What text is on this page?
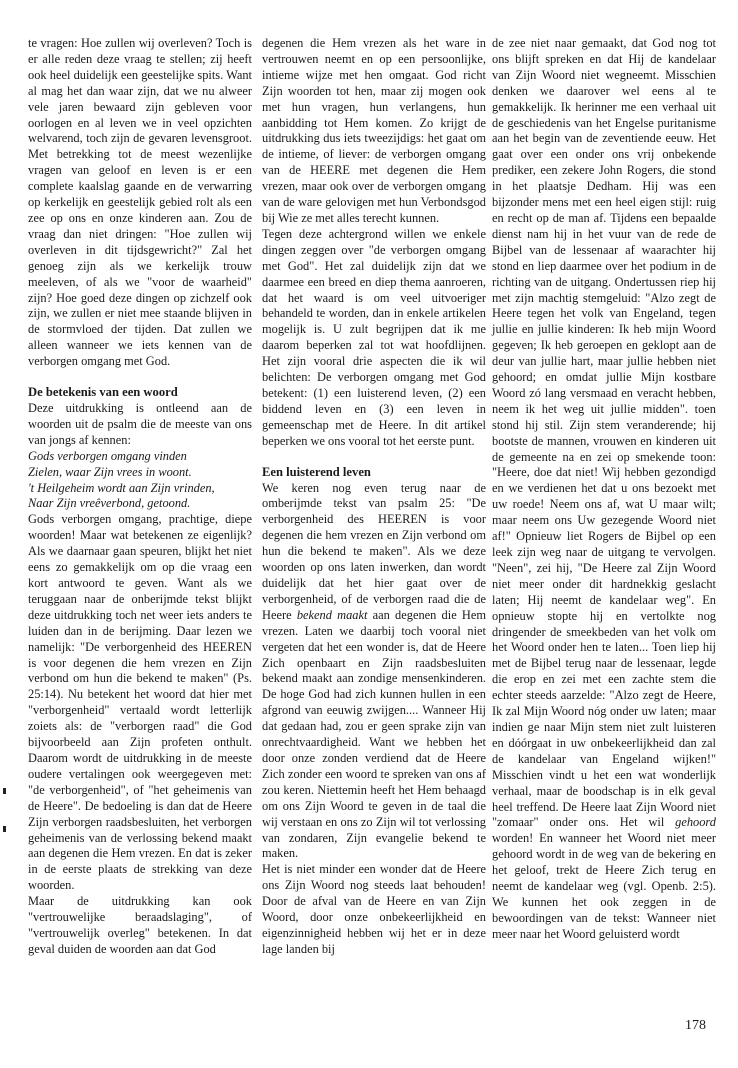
te vragen: Hoe zullen wij overleven? Toch is er alle reden deze vraag te stellen; zij heeft ook heel duidelijk een geestelijke spits. Want al mag het dan waar zijn, dat we nu alweer vele jaren bewaard zijn gebleven voor oorlogen en al leven we in veel opzichten welvarend, toch zijn de gevaren levensgroot. Met betrekking tot de meest wezenlijke vragen van geloof en leven is er een complete kaalslag gaande en de verwarring op kerkelijk en geestelijk gebied rolt als een zee op ons en onze kinderen aan. Zou de vraag dan niet dringen: "Hoe zullen wij overleven in dit tijdsgewricht?" Zal het genoeg zijn als we kerkelijk trouw meeleven, of als we "voor de waarheid" zijn? Hoe goed deze dingen op zichzelf ook zijn, we zullen er niet mee staande blijven in de stormvloed der tijden. Dat zullen we alleen wanneer we iets kennen van de verborgen omgang met God.

De betekenis van een woord

Deze uitdrukking is ontleend aan de woorden uit de psalm die de meeste van ons van jongs af kennen:

Gods verborgen omgang vinden
Zielen, waar Zijn vrees in woont.
't Heilgeheim wordt aan Zijn vrinden,
Naar Zijn vreêverbond, getoond.

Gods verborgen omgang, prachtige, diepe woorden! Maar wat betekenen ze eigenlijk? Als we daarnaar gaan speuren, blijkt het niet eens zo gemakkelijk om op die vraag een kort antwoord te geven. Want als we teruggaan naar de onberijmde tekst blijkt deze uitdrukking toch net weer iets anders te luiden dan in de berijming. Daar lezen we namelijk: "De verborgenheid des HEEREN is voor degenen die hem vrezen en Zijn verbond om hun die bekend te maken" (Ps. 25:14). Nu betekent het woord dat hier met "verborgenheid" vertaald wordt letterlijk zoiets als: de "verborgen raad" die God bijvoorbeeld aan Zijn profeten onthult. Daarom wordt de uitdrukking in de meeste oudere vertalingen ook weergegeven met: "de verborgenheid", of "het geheimenis van de Heere". De bedoeling is dan dat de Heere Zijn verborgen raadsbesluiten, het verborgen geheimenis van de verlossing bekend maakt aan degenen die Hem vrezen. En dat is zeker in de eerste plaats de strekking van deze woorden.

Maar de uitdrukking kan ook "vertrouwelijke beraadslaging", of "vertrouwelijk overleg" betekenen. In dat geval duiden de woorden aan dat God

degenen die Hem vrezen als het ware in vertrouwen neemt en op een persoonlijke, intieme wijze met hen omgaat. God richt Zijn woorden tot hen, maar zij mogen ook met hun vragen, hun verlangens, hun aanbidding tot Hem komen. Zo krijgt de uitdrukking dus iets tweezijdigs: het gaat om de intieme, of liever: de verborgen omgang van de HEERE met degenen die Hem vrezen, maar ook over de verborgen omgang van de ware gelovigen met hun Verbondsgod bij Wie ze met alles terecht kunnen.

Tegen deze achtergrond willen we enkele dingen zeggen over "de verborgen omgang met God". Het zal duidelijk zijn dat we daarmee een breed en diep thema aanroeren, dat het waard is om veel uitvoeriger behandeld te worden, dan in enkele artikelen mogelijk is. U zult begrijpen dat ik me daarom beperken zal tot wat hoofdlijnen. Het zijn vooral drie aspecten die ik wil belichten: De verborgen omgang met God betekent: (1) een luisterend leven, (2) een biddend leven en (3) een leven in gemeenschap met de Heere. In dit artikel beperken we ons vooral tot het eerste punt.

Een luisterend leven

We keren nog even terug naar de omberijmde tekst van psalm 25: "De verborgenheid des HEEREN is voor degenen die hem vrezen en Zijn verbond om hun die bekend te maken". Als we deze woorden op ons laten inwerken, dan wordt duidelijk dat het hier gaat over de verborgenheid, of de verborgen raad die de Heere bekend maakt aan degenen die Hem vrezen. Laten we daarbij toch vooral niet vergeten dat het een wonder is, dat de Heere Zich openbaart en Zijn raadsbesluiten bekend maakt aan zondige mensenkinderen. De hoge God had zich kunnen hullen in een afgrond van eeuwig zwijgen.... Wanneer Hij dat gedaan had, zou er geen sprake zijn van onrechtvaardigheid. Want we hebben het door onze zonden verdiend dat de Heere Zich zonder een woord te spreken van ons af zou keren. Niettemin heeft het Hem behaagd om ons Zijn Woord te geven in de taal die wij verstaan en ons zo Zijn wil tot verlossing van zondaren, Zijn evangelie bekend te maken.

Het is niet minder een wonder dat de Heere ons Zijn Woord nog steeds laat behouden! Door de afval van de Heere en van Zijn Woord, door onze onbekeerlijkheid en eigenzinnigheid hebben wij het er in deze lage landen bij

de zee niet naar gemaakt, dat God nog tot ons blijft spreken en dat Hij de kandelaar van Zijn Woord niet wegneemt. Misschien denken we daarover wel eens al te gemakkelijk. Ik herinner me een verhaal uit de geschiedenis van het Engelse puritanisme aan het begin van de zeventiende eeuw. Het gaat over een onder ons vrij onbekende prediker, een zekere John Rogers, die stond in het plaatsje Dedham. Hij was een bijzonder mens met een heel eigen stijl: ruig en recht op de man af. Tijdens een bepaalde dienst nam hij in het vuur van de rede de Bijbel van de lessenaar af waarachter hij stond en liep daarmee over het podium in de richting van de uitgang. Ondertussen riep hij met zijn machtig stemgeluid: "Alzo zegt de Heere tegen het volk van Engeland, tegen jullie en jullie kinderen: Ik heb mijn Woord gegeven; Ik heb geroepen en geklopt aan de deur van jullie hart, maar jullie hebben niet gehoord; en omdat jullie Mijn kostbare Woord zó lang versmaad en veracht hebben, neem ik het weg uit jullie midden". toen stond hij stil. Zijn stem veranderende; hij bootste de mannen, vrouwen en kinderen uit de gemeente na en zei op smekende toon: "Heere, doe dat niet! Wij hebben gezondigd en we verdienen het dat u ons bezoekt met uw roede! Neem ons af, wat U maar wilt; maar neem ons Uw gezegende Woord niet af!" Opnieuw liet Rogers de Bijbel op een leek zijn weg naar de uitgang te vervolgen. "Neen", zei hij, "De Heere zal Zijn Woord niet meer onder dit hardnekkig geslacht laten; Hij neemt de kandelaar weg". En opnieuw stopte hij en vertolkte nog dringender de smeekbeden van het volk om het Woord onder hen te laten... Toen liep hij met de Bijbel terug naar de lessenaar, legde die erop en zei met een zachte stem die echter steeds aarzelde: "Alzo zegt de Heere, Ik zal Mijn Woord nóg onder uw laten; maar indien ge naar Mijn stem niet zult luisteren en dóórgaat in uw onbekeerlijkheid dan zal de kandelaar van Engeland wijken!" Misschien vindt u het een wat wonderlijk verhaal, maar de boodschap is in elk geval heel treffend. De Heere laat Zijn Woord niet "zomaar" onder ons. Het wil gehoord worden! En wanneer het Woord niet meer gehoord wordt in de weg van de bekering en het geloof, trekt de Heere Zich terug en neemt de kandelaar weg (vgl. Openb. 2:5). We kunnen het ook zeggen in de bewoordingen van de tekst: Wanneer niet meer naar het Woord geluisterd wordt

178
